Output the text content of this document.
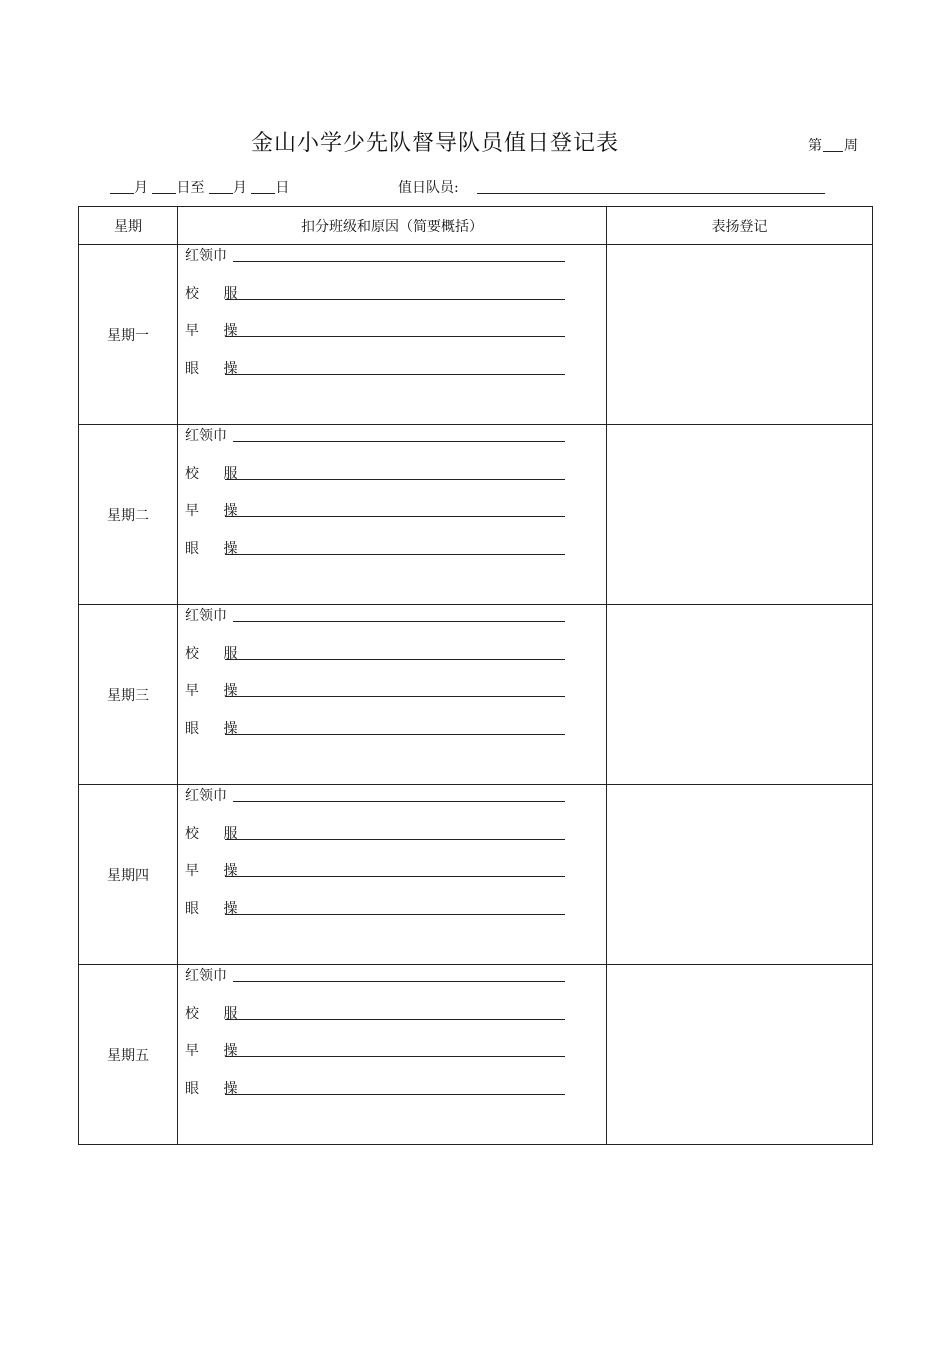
金山小学少先队督导队员值日登记表	第 周
月 日至 月 日	值日队员:
星期	扣分班级和原因（简要概括）	表扬登记
星期一	红领巾
校 服
早 操
眼 操	

星期二	红领巾
校 服
早 操
眼 操	

星期三	红领巾
校 服
早 操
眼 操	

星期四	红领巾
校 服
早 操
眼 操	

星期五	红领巾
校 服
早 操
眼 操	
